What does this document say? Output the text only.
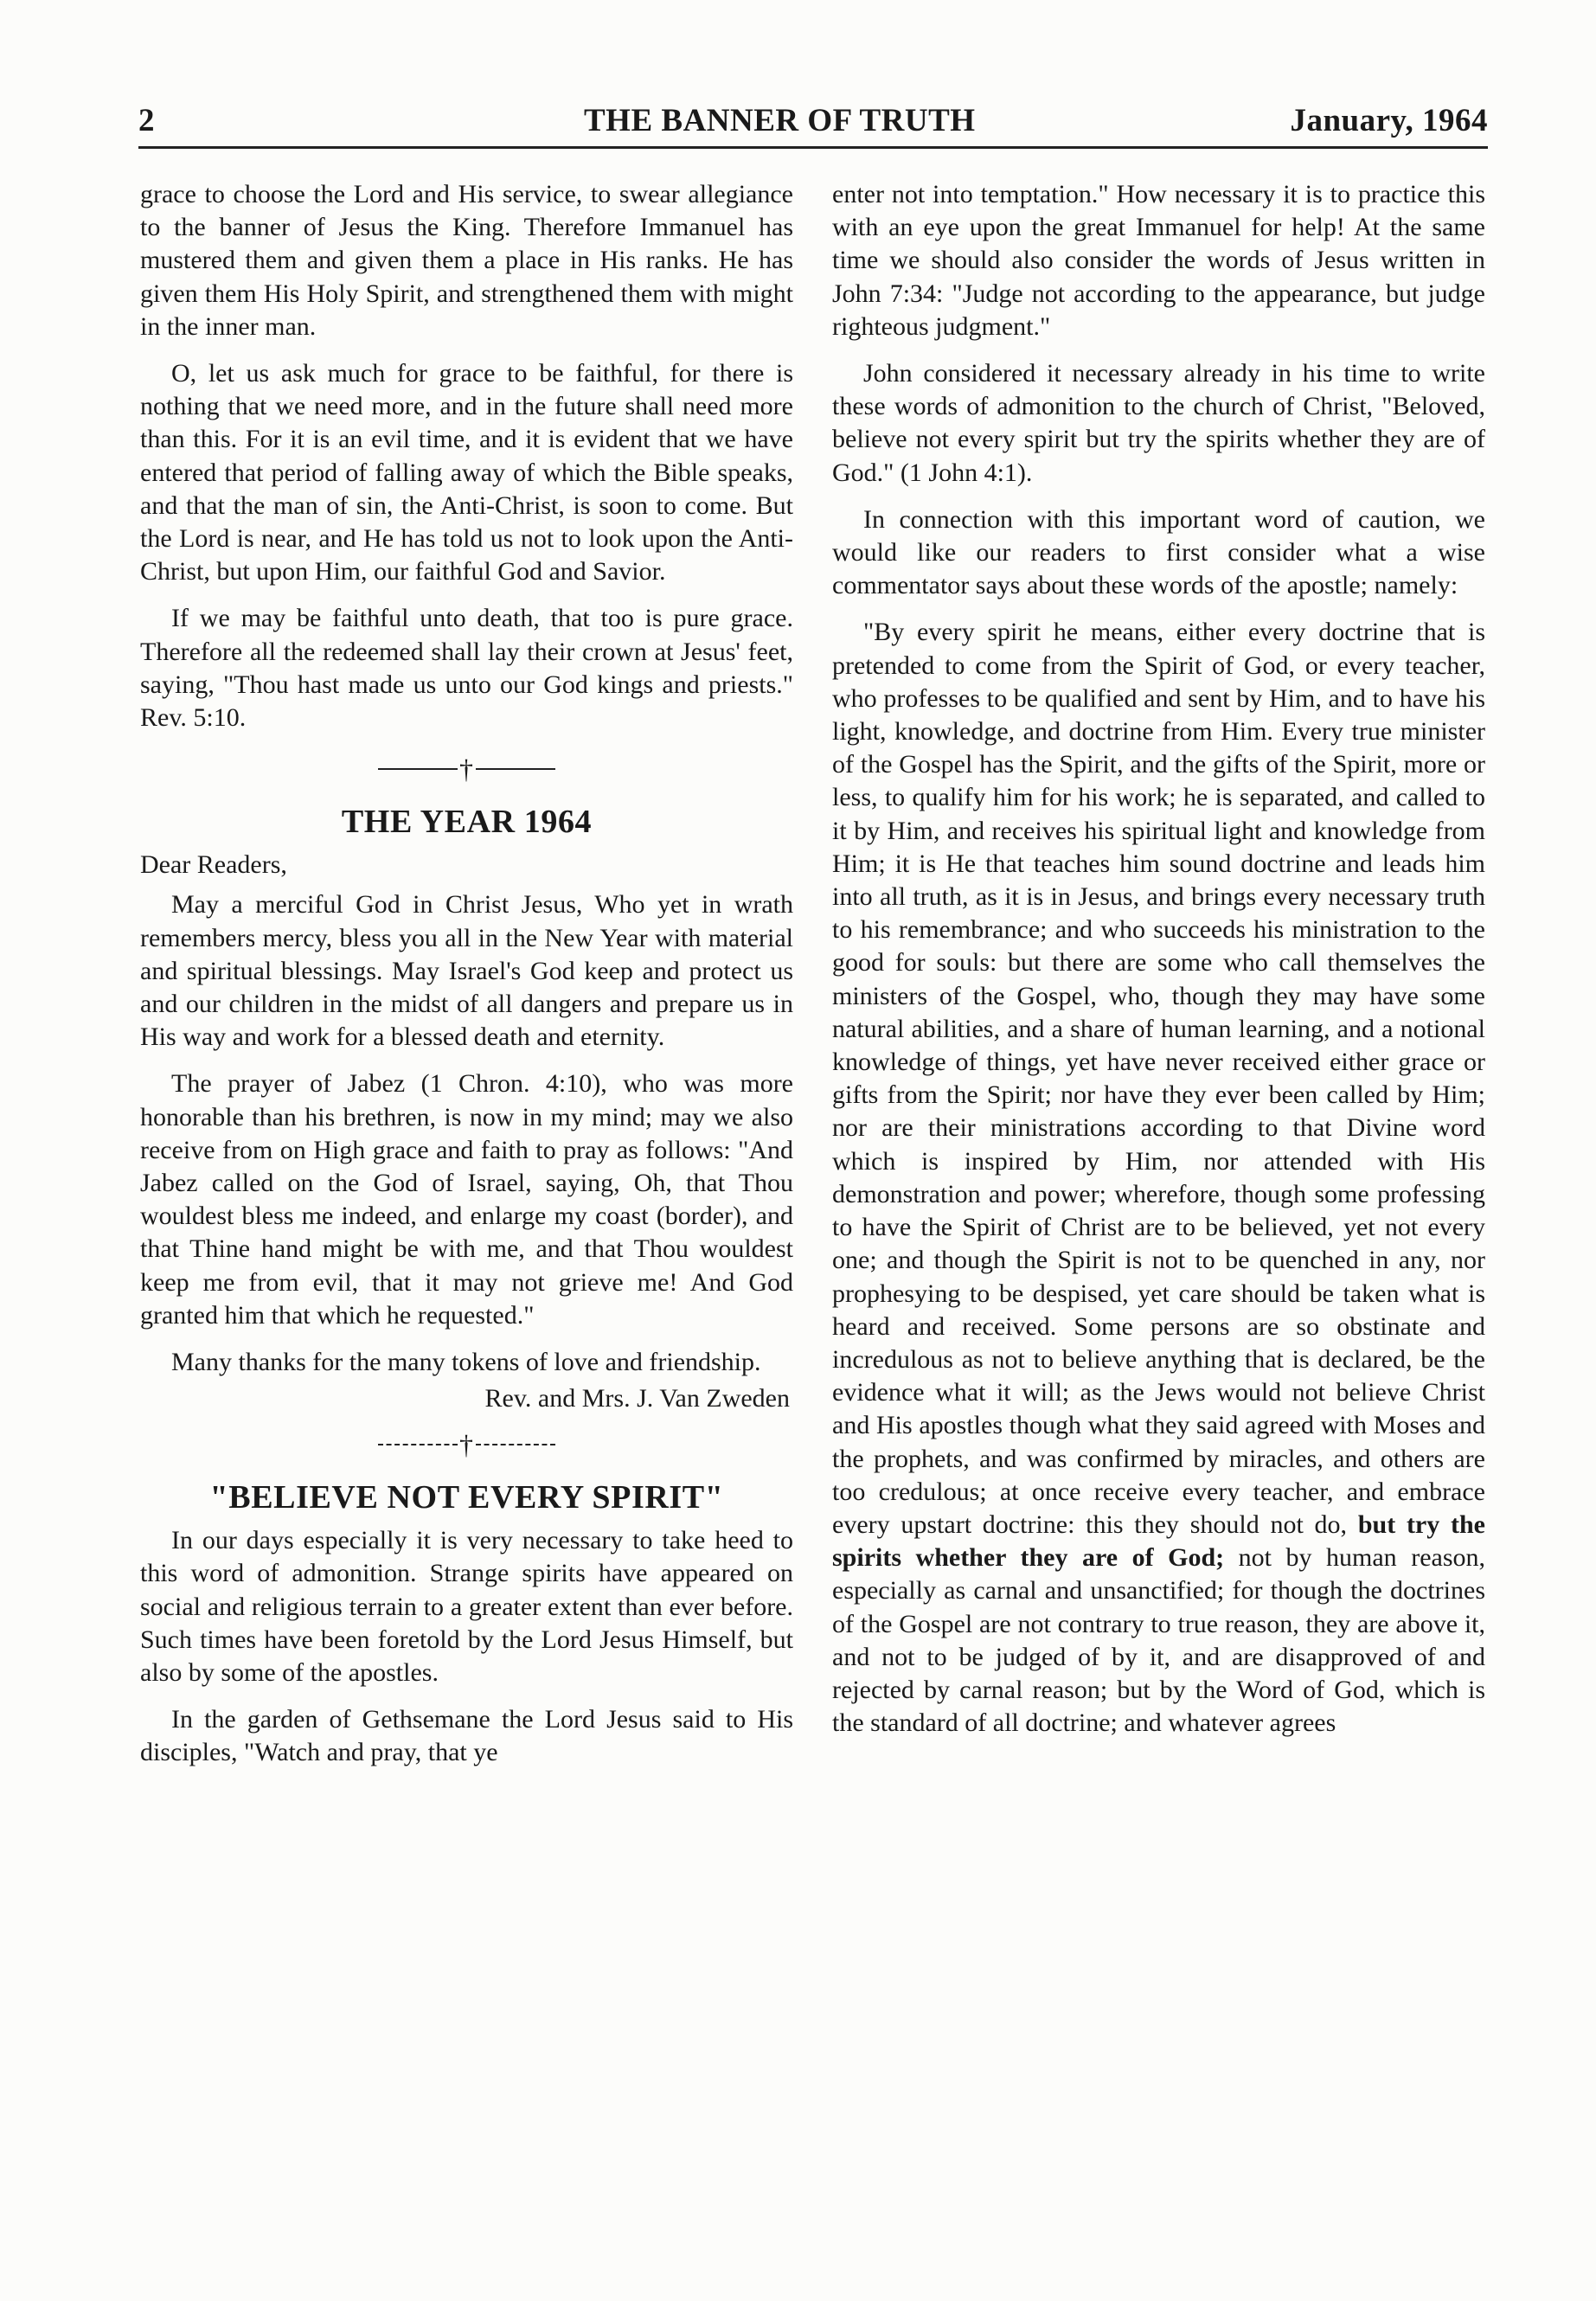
2	THE BANNER OF TRUTH	January, 1964

grace to choose the Lord and His service, to swear allegiance to the banner of Jesus the King. Therefore Immanuel has mustered them and given them a place in His ranks. He has given them His Holy Spirit, and strengthened them with might in the inner man.

O, let us ask much for grace to be faithful, for there is nothing that we need more, and in the future shall need more than this. For it is an evil time, and it is evident that we have entered that period of falling away of which the Bible speaks, and that the man of sin, the Anti-Christ, is soon to come. But the Lord is near, and He has told us not to look upon the Anti-Christ, but upon Him, our faithful God and Savior.

If we may be faithful unto death, that too is pure grace. Therefore all the redeemed shall lay their crown at Jesus' feet, saying, "Thou hast made us unto our God kings and priests." Rev. 5:10.

†
THE YEAR 1964

Dear Readers,

May a merciful God in Christ Jesus, Who yet in wrath remembers mercy, bless you all in the New Year with material and spiritual blessings. May Israel's God keep and protect us and our children in the midst of all dangers and prepare us in His way and work for a blessed death and eternity.

The prayer of Jabez (1 Chron. 4:10), who was more honorable than his brethren, is now in my mind; may we also receive from on High grace and faith to pray as follows: "And Jabez called on the God of Israel, saying, Oh, that Thou wouldest bless me indeed, and enlarge my coast (border), and that Thine hand might be with me, and that Thou wouldest keep me from evil, that it may not grieve me! And God granted him that which he requested."

Many thanks for the many tokens of love and friendship.

Rev. and Mrs. J. Van Zweden

†
"BELIEVE NOT EVERY SPIRIT"

In our days especially it is very necessary to take heed to this word of admonition. Strange spirits have appeared on social and religious terrain to a greater extent than ever before. Such times have been foretold by the Lord Jesus Himself, but also by some of the apostles.

In the garden of Gethsemane the Lord Jesus said to His disciples, "Watch and pray, that ye

enter not into temptation." How necessary it is to practice this with an eye upon the great Immanuel for help! At the same time we should also consider the words of Jesus written in John 7:34: "Judge not according to the appearance, but judge righteous judgment."

John considered it necessary already in his time to write these words of admonition to the church of Christ, "Beloved, believe not every spirit but try the spirits whether they are of God." (1 John 4:1).

In connection with this important word of caution, we would like our readers to first consider what a wise commentator says about these words of the apostle; namely:

"By every spirit he means, either every doctrine that is pretended to come from the Spirit of God, or every teacher, who professes to be qualified and sent by Him, and to have his light, knowledge, and doctrine from Him. Every true minister of the Gospel has the Spirit, and the gifts of the Spirit, more or less, to qualify him for his work; he is separated, and called to it by Him, and receives his spiritual light and knowledge from Him; it is He that teaches him sound doctrine and leads him into all truth, as it is in Jesus, and brings every necessary truth to his remembrance; and who succeeds his ministration to the good for souls: but there are some who call themselves the ministers of the Gospel, who, though they may have some natural abilities, and a share of human learning, and a notional knowledge of things, yet have never received either grace or gifts from the Spirit; nor have they ever been called by Him; nor are their ministrations according to that Divine word which is inspired by Him, nor attended with His demonstration and power; wherefore, though some professing to have the Spirit of Christ are to be believed, yet not every one; and though the Spirit is not to be quenched in any, nor prophesying to be despised, yet care should be taken what is heard and received. Some persons are so obstinate and incredulous as not to believe anything that is declared, be the evidence what it will; as the Jews would not believe Christ and His apostles though what they said agreed with Moses and the prophets, and was confirmed by miracles, and others are too credulous; at once receive every teacher, and embrace every upstart doctrine: this they should not do, but try the spirits whether they are of God; not by human reason, especially as carnal and unsanctified; for though the doctrines of the Gospel are not contrary to true reason, they are above it, and not to be judged of by it, and are disapproved of and rejected by carnal reason; but by the Word of God, which is the standard of all doctrine; and whatever agrees
